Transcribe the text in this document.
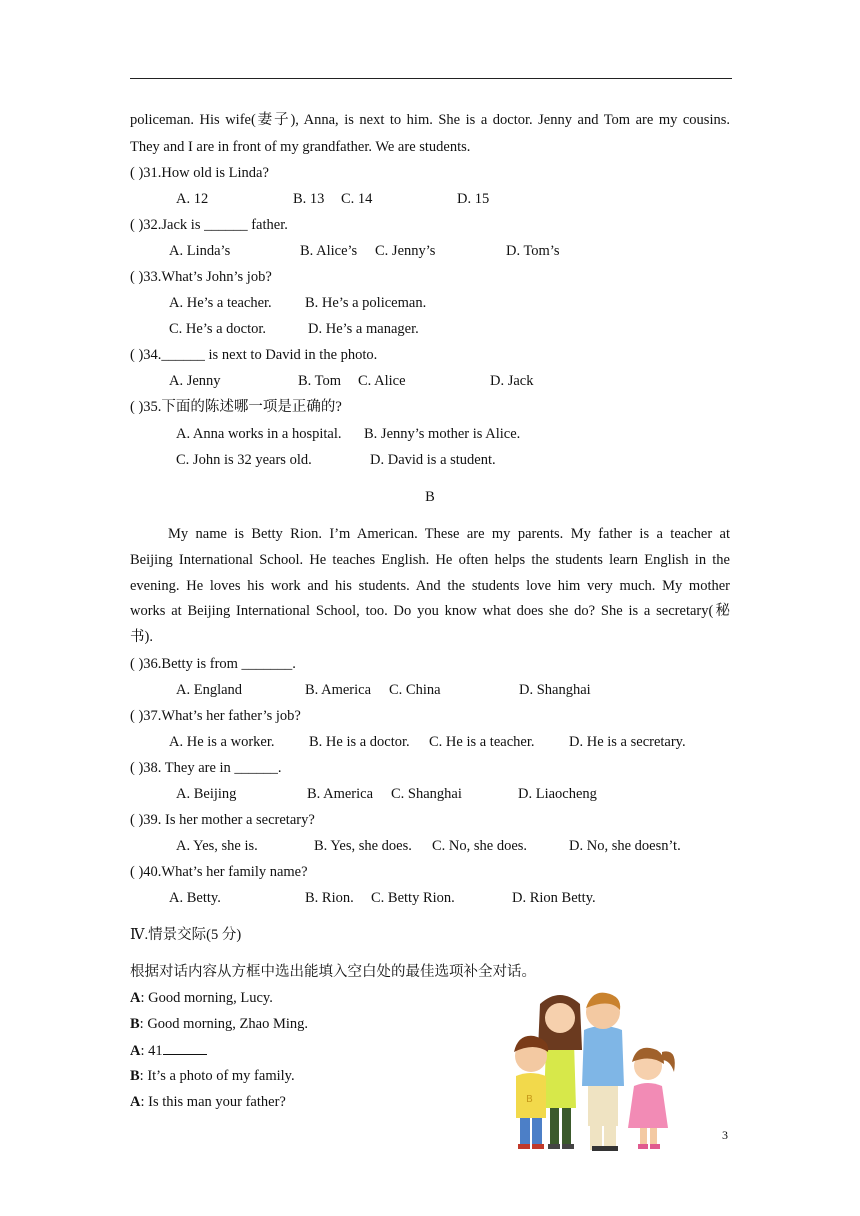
policeman. His wife(妻子), Anna, is next to him. She is a doctor. Jenny and Tom are my cousins.
They and I are in front of my grandfather. We are students.
( )31.How old is Linda?
A. 12	B. 13 C. 14	D. 15
( )32.Jack is ______ father.
A. Linda’s	B. Alice’s C. Jenny’s	D. Tom’s
( )33.What’s John’s job?
A. He’s a teacher. B. He’s a policeman.
C. He’s a doctor.	D. He’s a manager.
( )34.______ is next to David in the photo.
A. Jenny	B. Tom C. Alice	D. Jack
( )35.下面的陈述哪一项是正确的?
A. Anna works in a hospital. B. Jenny’s mother is Alice.
C. John is 32 years old.	D. David is a student.
B
My name is Betty Rion. I’m American. These are my parents. My father is a teacher at
Beijing International School. He teaches English. He often helps the students learn English in the
evening. He loves his work and his students. And the students love him very much. My mother
works at Beijing International School, too. Do you know what does she do? She is a secretary(秘
书).
( )36.Betty is from _______.
A. England	B. America C. China	D. Shanghai
( )37.What’s her father’s job?
A. He is a worker. B. He is a doctor. C. He is a teacher. D. He is a secretary.
( )38. They are in ______.
A. Beijing	B. America C. Shanghai	D. Liaocheng
( )39. Is her mother a secretary?
A. Yes, she is.	B. Yes, she does. C. No, she does.	D. No, she doesn’t.
( )40.What’s her family name?
A. Betty.	B. Rion. C. Betty Rion.	D. Rion Betty.
Ⅳ.情景交际(5 分)
根据对话内容从方框中选出能填入空白处的最佳选项补全对话。
A: Good morning, Lucy.
B: Good morning, Zhao Ming.
A: 41
B: It’s a photo of my family.
A: Is this man your father?	B
3
